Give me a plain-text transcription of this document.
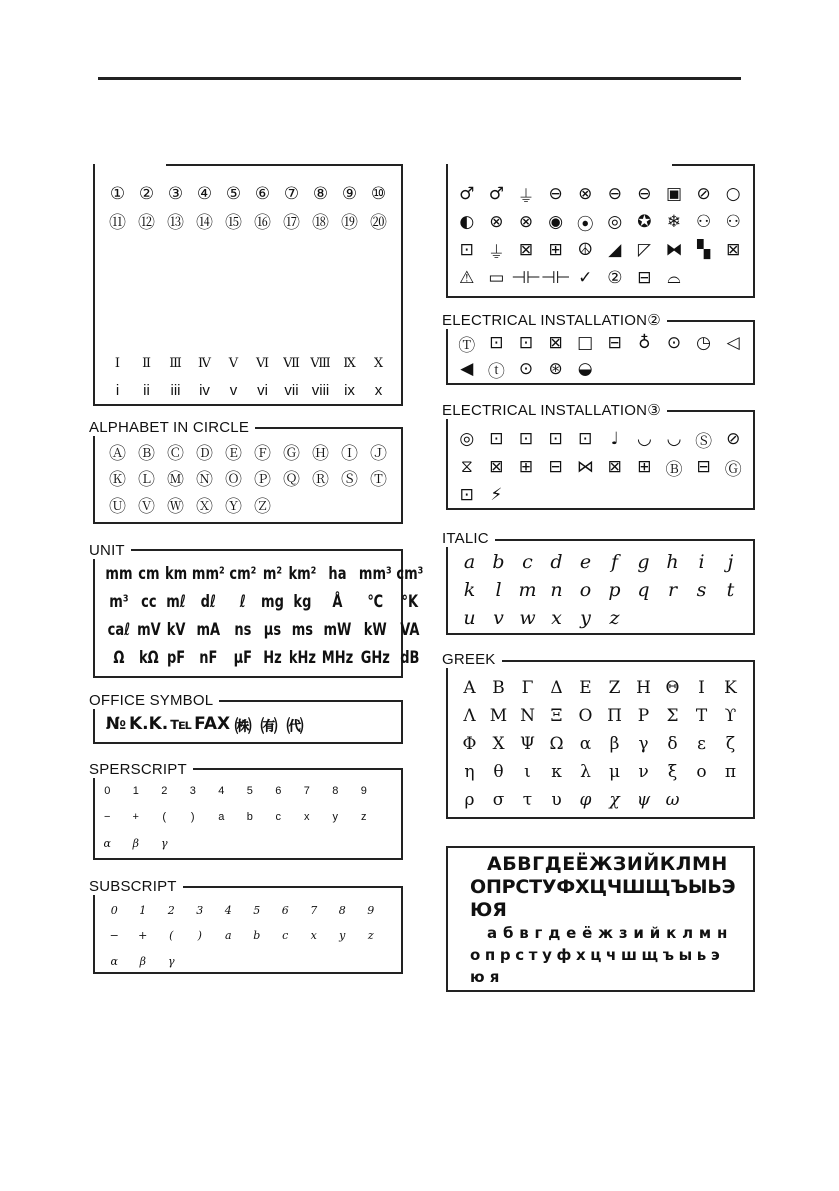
① ② ③ ④ ⑤ ⑥ ⑦ ⑧ ⑨ ⑩
⑪ ⑫ ⑬ ⑭ ⑮ ⑯ ⑰ ⑱ ⑲ ⑳
Ⅰ	Ⅱ	Ⅲ	Ⅳ	Ⅴ	Ⅵ	Ⅶ Ⅷ Ⅸ	Ⅹ
i	ii	iii	iv	v	vi	vii viii ix	x
ALPHABET IN CIRCLE
Ⓐ Ⓑ Ⓒ Ⓓ Ⓔ Ⓕ Ⓖ Ⓗ Ⓘ Ⓙ
Ⓚ Ⓛ Ⓜ Ⓝ Ⓞ Ⓟ Ⓠ Ⓡ Ⓢ Ⓣ
Ⓤ Ⓥ Ⓦ Ⓧ Ⓨ Ⓩ
UNIT
mm cm km mm² cm² m² km² ha mm³ cm³
m³ cc mℓ dℓ	ℓ mg kg	Å	℃	°K
caℓ mV kV mA ns μs ms mW kW VA
Ω kΩ pF nF μF Hz kHz MHz GHz dB
OFFICE SYMBOL
№ K.K. ℡ FAX ㈱ ㈲ ㈹
SPERSCRIPT
0	1	2	3	4	5	6	7	8	9
−	+	(	)	a	b	c	x	y	z
α	β	γ
SUBSCRIPT
0	1	2	3	4	5	6	7	8	9
−	+	(	)	a	b	c	x	y	z
α	β	γ
♂ ♂ ⏚ ⊖ ⊗ ⊖ ⊖ ▣ ⊘ ○
◐ ⊗ ⊗ ◉ ⦿ ◎ ✪ ❄ ⚇ ⚇
⊡ ⏚ ⊠ ⊞ ☮ ◢ ◸ ⧓ ▚ ⊠
⚠ ▭ ⊣⊢ ⊣⊢ ✓ ② ⊟ ⌓
ELECTRICAL INSTALLATION②
Ⓣ ⊡ ⊡ ⊠ □ ⊟ ♁ ⊙ ◷ ◁
◀ ⓣ ⊙ ⊛ ◒
ELECTRICAL INSTALLATION③
◎ ⊡ ⊡ ⊡ ⊡	♩	◡ ◡ Ⓢ ⊘
⧖ ⊠ ⊞ ⊟ ⋈ ⊠ ⊞ Ⓑ ⊟ Ⓖ
⊡ ⚡
ITALIC
a b c d e	f	g h	i	j
k	l m n o p q r	s	t
u v w x y z
GREEK
Α Β Γ Δ Ε Ζ Η Θ	Ι	Κ
Λ Μ Ν Ξ Ο Π Ρ	Σ	Τ	ϒ
Φ Χ Ψ Ω α	β	γ	δ	ε	ζ
η	θ	ι	κ	λ	μ	ν	ξ	ο	π
ρ	σ	τ	υ	φ	χ	ψ ω
АБВГДЕЁЖЗИЙКЛМН
ОПРСТУФХЦЧШЩЪЫЬЭ
ЮЯ
а б в г д е ё ж з и й к л м н
о п р с т у ф х ц ч ш щ ъ ы ь э
ю я
